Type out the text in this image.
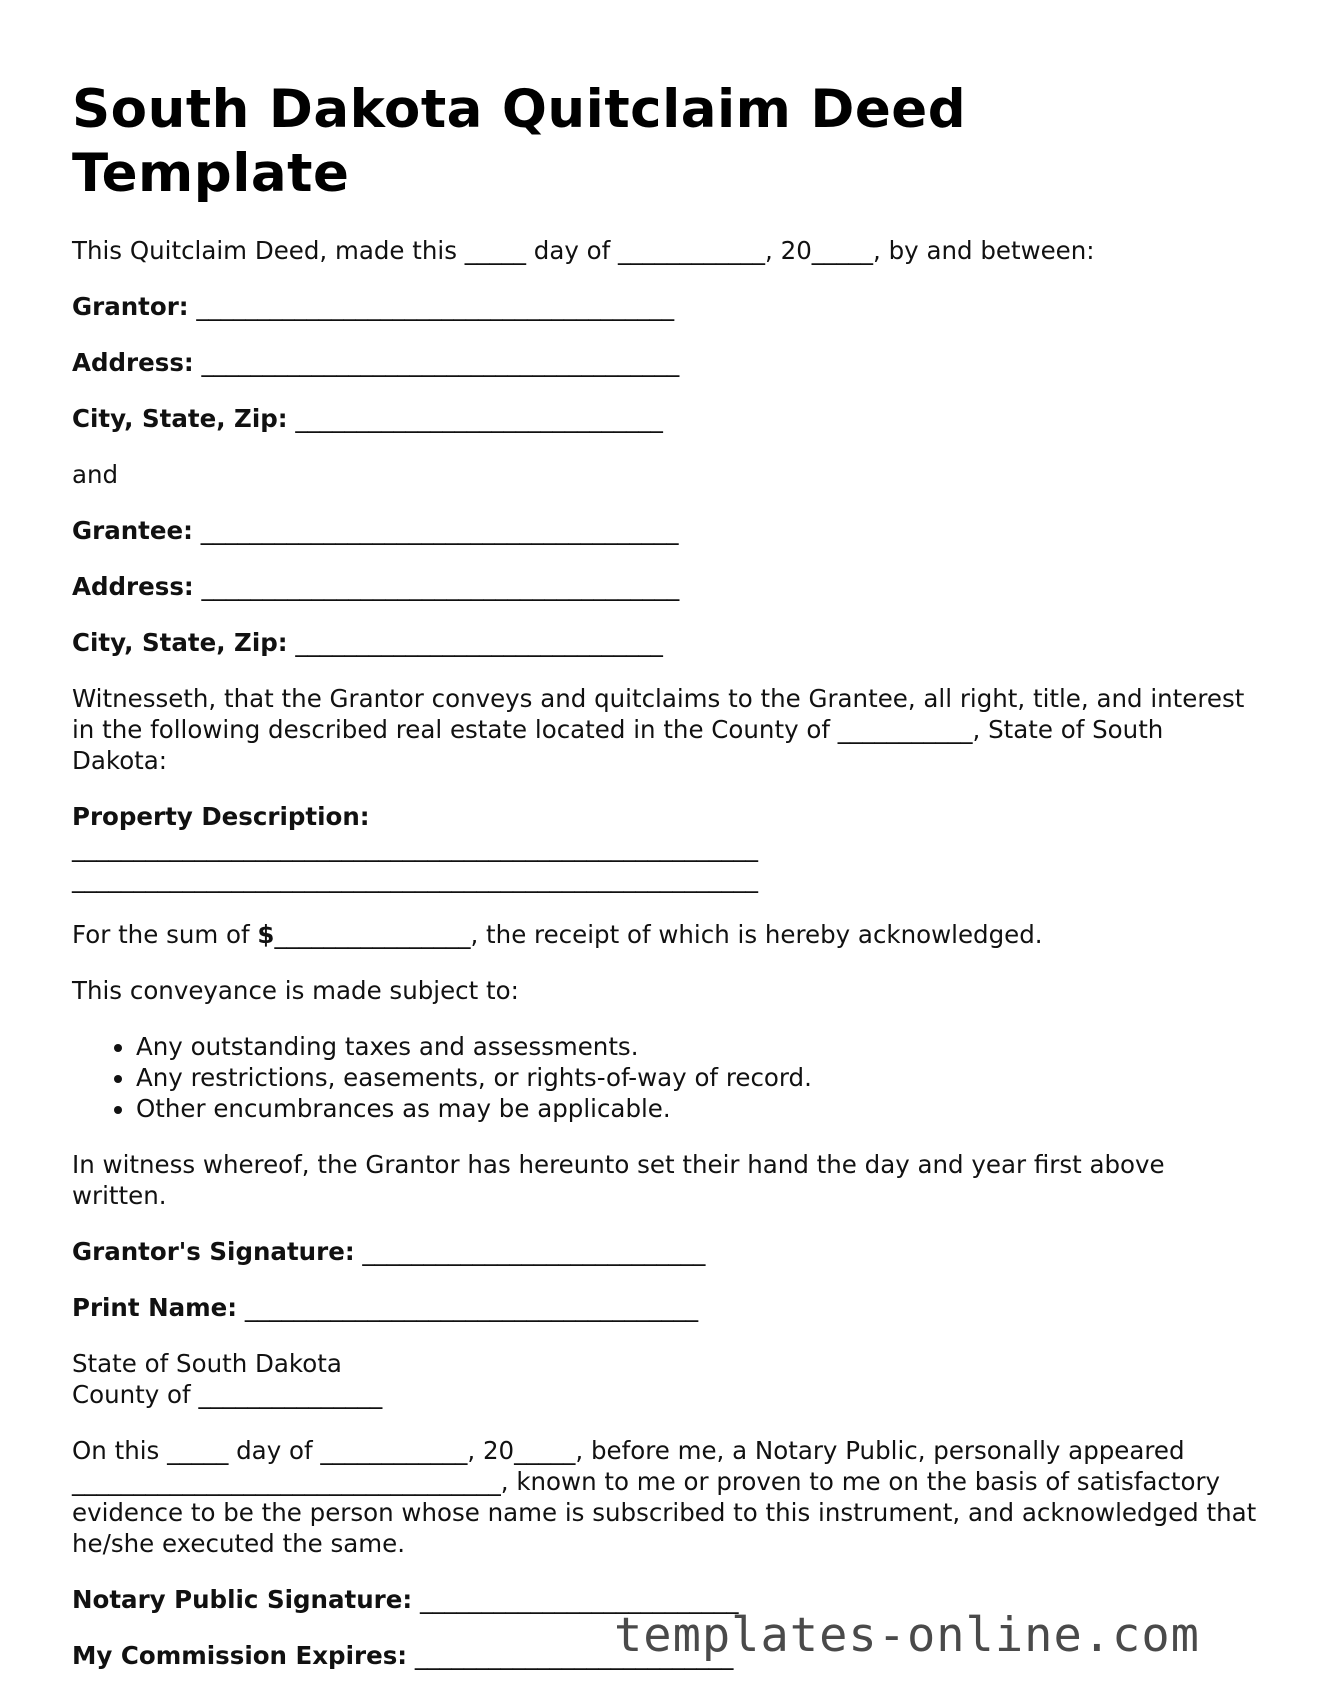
South Dakota Quitclaim Deed Template

This Quitclaim Deed, made this _____ day of ____________, 20_____, by and between:

Grantor: _______________________________________

Address: _______________________________________

City, State, Zip: ______________________________

and

Grantee: _______________________________________

Address: _______________________________________

City, State, Zip: ______________________________

Witnesseth, that the Grantor conveys and quitclaims to the Grantee, all right, title, and interest in the following described real estate located in the County of ___________, State of South Dakota:

Property Description:
________________________________________________________
________________________________________________________

For the sum of $________________, the receipt of which is hereby acknowledged.

This conveyance is made subject to:

• Any outstanding taxes and assessments.
• Any restrictions, easements, or rights-of-way of record.
• Other encumbrances as may be applicable.

In witness whereof, the Grantor has hereunto set their hand the day and year first above written.

Grantor's Signature: ____________________________

Print Name: _____________________________________

State of South Dakota
County of _______________

On this _____ day of ____________, 20_____, before me, a Notary Public, personally appeared ___________________________________, known to me or proven to me on the basis of satisfactory evidence to be the person whose name is subscribed to this instrument, and acknowledged that he/she executed the same.

Notary Public Signature: __________________________

My Commission Expires: __________________________

templates-online.com
